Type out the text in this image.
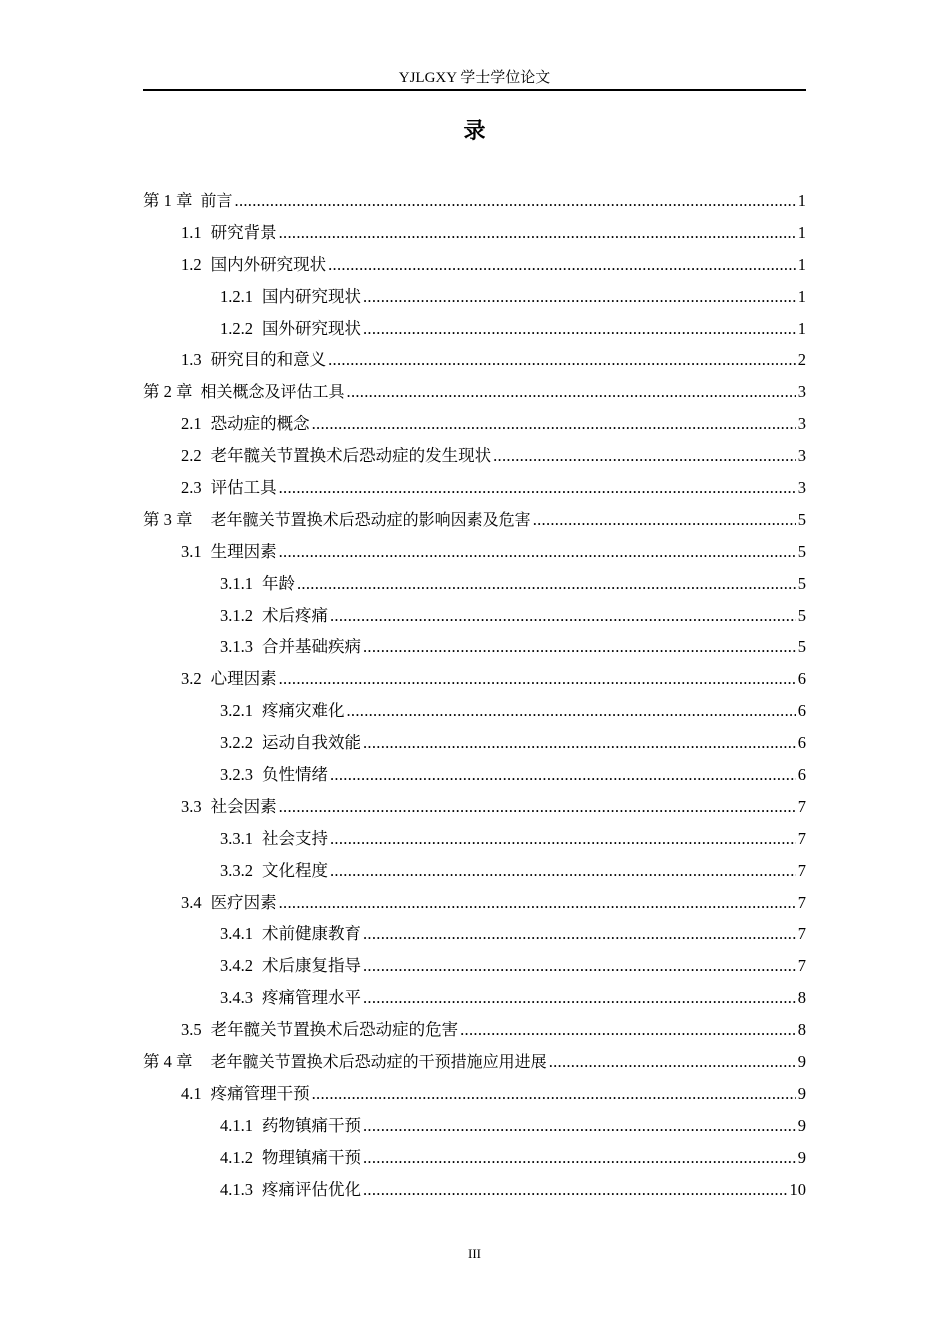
YJLGXY 学士学位论文
录
第 1 章 前言 .....	1
1.1 研究背景 .....	1
1.2 国内外研究现状 .....	1
1.2.1 国内研究现状 .....	1
1.2.2 国外研究现状 .....	1
1.3 研究目的和意义 .....	2
第 2 章 相关概念及评估工具 .....	3
2.1 恐动症的概念 .....	3
2.2 老年髋关节置换术后恐动症的发生现状 .....	3
2.3 评估工具 .....	3
第 3 章 老年髋关节置换术后恐动症的影响因素及危害 .....	5
3.1 生理因素 .....	5
3.1.1 年龄 .....	5
3.1.2 术后疼痛 .....	5
3.1.3 合并基础疾病 .....	5
3.2 心理因素 .....	6
3.2.1 疼痛灾难化 .....	6
3.2.2 运动自我效能 .....	6
3.2.3 负性情绪 .....	6
3.3 社会因素 .....	7
3.3.1 社会支持 .....	7
3.3.2 文化程度 .....	7
3.4 医疗因素 .....	7
3.4.1 术前健康教育 .....	7
3.4.2 术后康复指导 .....	7
3.4.3 疼痛管理水平 .....	8
3.5 老年髋关节置换术后恐动症的危害 .....	8
第 4 章 老年髋关节置换术后恐动症的干预措施应用进展 .....	9
4.1 疼痛管理干预 .....	9
4.1.1 药物镇痛干预 .....	9
4.1.2 物理镇痛干预 .....	9
4.1.3 疼痛评估优化 .....	10
III
